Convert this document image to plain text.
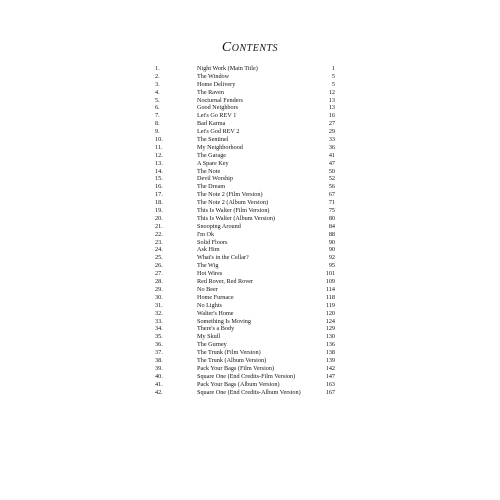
Contents
1.	Night Work (Main Title)	1
2.	The Window	5
3.	Home Delivery	5
4.	The Raven	12
5.	Nocturnal Fenders	13
6.	Good Neighbors	13
7.	Let's Go REV 1	16
8.	Bad Karma	27
9.	Let's God REV 2	29
10.	The Sentinel	33
11.	My Neighborhood	36
12.	The Garage	41
13.	A Spare Key	47
14.	The Note	50
15.	Devil Worship	52
16.	The Dream	56
17.	The Note 2 (Film Version)	67
18.	The Note 2 (Album Version)	71
19.	This Is Walter (Film Version)	75
20.	This Is Walter (Album Version)	80
21.	Snooping Around	84
22.	I'm Ok	88
23.	Solid Floors	90
24.	Ask Him	90
25.	What's in the Cellar?	92
26.	The Wig	95
27.	Hot Wires	101
28.	Red Rover, Red Rover	109
29.	No Beer	114
30.	Home Furnace	118
31.	No Lights	119
32.	Walter's Home	120
33.	Something Is Moving	124
34.	There's a Body	129
35.	My Skull	130
36.	The Gurney	136
37.	The Trunk (Film Version)	138
38.	The Trunk (Album Version)	139
39.	Pack Your Bags (Film Version)	142
40.	Square One (End Credits-Film Version)	147
41.	Pack Your Bags (Album Version)	163
42.	Square One (End Credits-Album Version)	167
